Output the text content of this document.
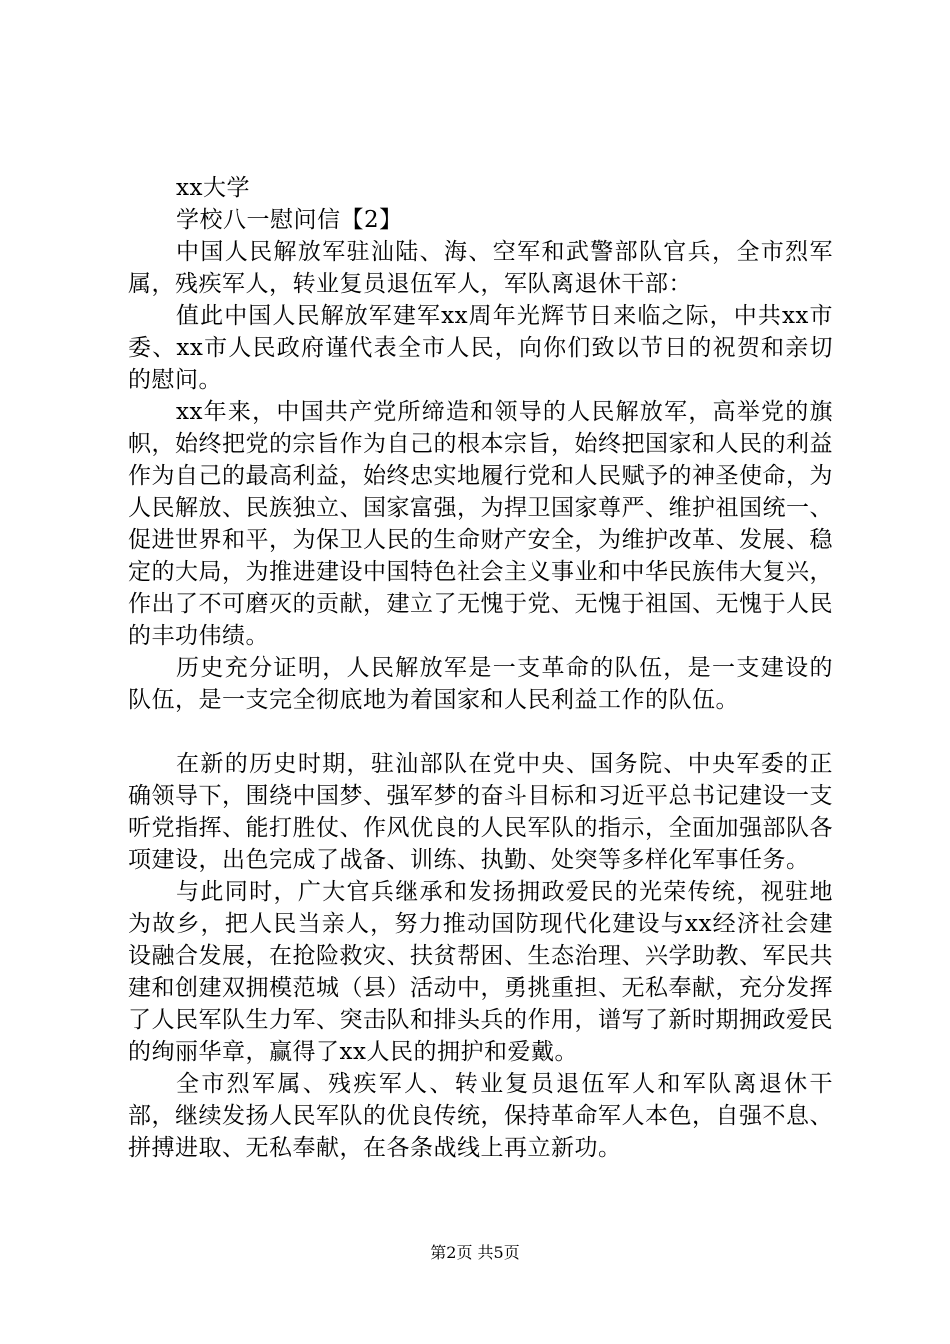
xx大学

学校八一慰问信【2】

中国人民解放军驻汕陆、海、空军和武警部队官兵，全市烈军属，残疾军人，转业复员退伍军人，军队离退休干部：

值此中国人民解放军建军xx周年光辉节日来临之际，中共xx市委、xx市人民政府谨代表全市人民，向你们致以节日的祝贺和亲切的慰问。

xx年来，中国共产党所缔造和领导的人民解放军，高举党的旗帜，始终把党的宗旨作为自己的根本宗旨，始终把国家和人民的利益作为自己的最高利益，始终忠实地履行党和人民赋予的神圣使命，为人民解放、民族独立、国家富强，为捍卫国家尊严、维护祖国统一、促进世界和平，为保卫人民的生命财产安全，为维护改革、发展、稳定的大局，为推进建设中国特色社会主义事业和中华民族伟大复兴，作出了不可磨灭的贡献，建立了无愧于党、无愧于祖国、无愧于人民的丰功伟绩。

历史充分证明，人民解放军是一支革命的队伍，是一支建设的队伍，是一支完全彻底地为着国家和人民利益工作的队伍。

在新的历史时期，驻汕部队在党中央、国务院、中央军委的正确领导下，围绕中国梦、强军梦的奋斗目标和习近平总书记建设一支听党指挥、能打胜仗、作风优良的人民军队的指示，全面加强部队各项建设，出色完成了战备、训练、执勤、处突等多样化军事任务。

与此同时，广大官兵继承和发扬拥政爱民的光荣传统，视驻地为故乡，把人民当亲人，努力推动国防现代化建设与xx经济社会建设融合发展，在抢险救灾、扶贫帮困、生态治理、兴学助教、军民共建和创建双拥模范城（县）活动中，勇挑重担、无私奉献，充分发挥了人民军队生力军、突击队和排头兵的作用，谱写了新时期拥政爱民的绚丽华章，赢得了xx人民的拥护和爱戴。

全市烈军属、残疾军人、转业复员退伍军人和军队离退休干部，继续发扬人民军队的优良传统，保持革命军人本色，自强不息、拼搏进取、无私奉献，在各条战线上再立新功。

第2页 共5页
